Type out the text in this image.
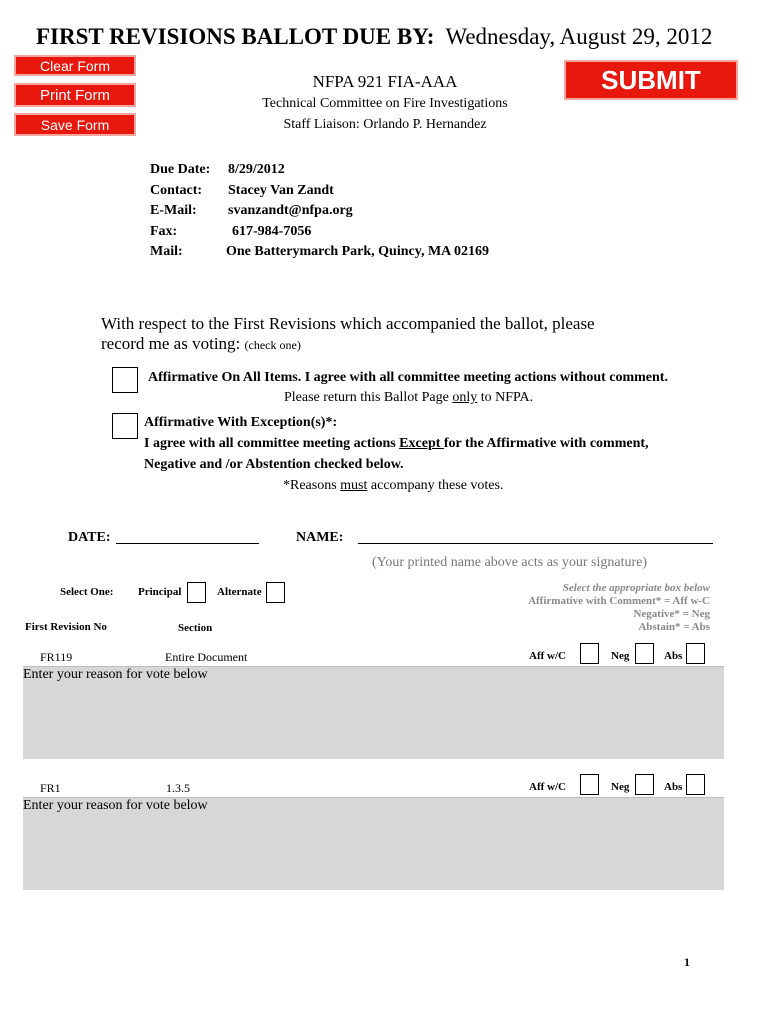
FIRST REVISIONS BALLOT DUE BY: Wednesday, August 29, 2012
Clear Form
Print Form
Save Form
SUBMIT
NFPA 921 FIA-AAA
Technical Committee on Fire Investigations
Staff Liaison: Orlando P. Hernandez
Due Date: 8/29/2012
Contact: Stacey Van Zandt
E-Mail: svanzandt@nfpa.org
Fax:	617-984-7056
Mail:	One Batterymarch Park, Quincy, MA 02169
With respect to the First Revisions which accompanied the ballot, please
record me as voting: (check one)
Affirmative On All Items. I agree with all committee meeting actions without comment.
Please return this Ballot Page only to NFPA.
Affirmative With Exception(s)*:
I agree with all committee meeting actions Except for the Affirmative with comment,
Negative and /or Abstention checked below.
*Reasons must accompany these votes.
DATE:	NAME:
(Your printed name above acts as your signature)
Select One: Principal	Alternate	Select the appropriate box below
Affirmative with Comment* = Aff w-C
Negative* = Neg
Abstain* = Abs
First Revision No	Section
FR119	Entire Document	Aff w/C	Neg	Abs
Enter your reason for vote below
FR1	1.3.5	Aff w/C	Neg	Abs
Enter your reason for vote below
1
